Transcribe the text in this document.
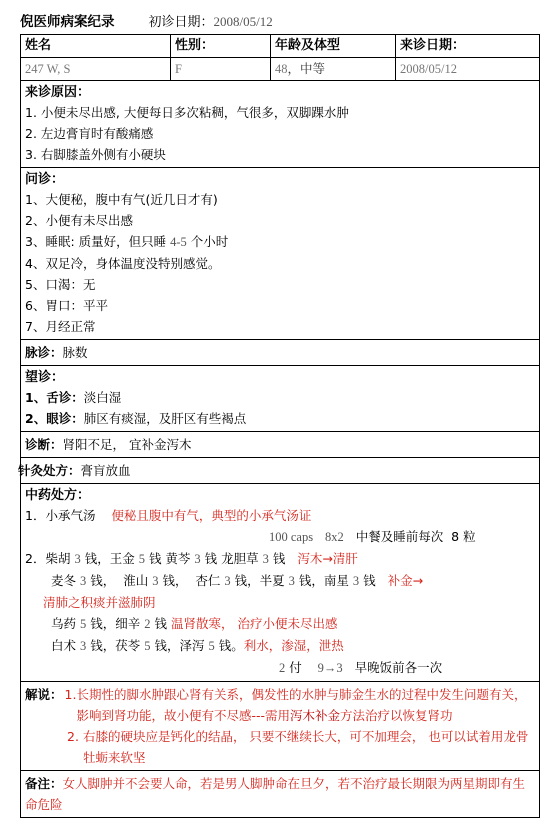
倪医师病案纪录	初诊日期：2008/05/12
姓名	性别：	年龄及体型	来诊日期：
247 W, S	F	48，中等	2008/05/12
来诊原因：
1. 小便未尽出感, 大便每日多次粘稠，气很多，双脚踝水肿
2. 左边膏肓时有酸痛感
3. 右脚膝盖外侧有小硬块
问诊：
1、大便秘，腹中有气(近几日才有)
2、小便有未尽出感
3、睡眠: 质量好，但只睡 4-5 个小时
4、双足冷，身体温度没特别感觉。
5、口渴：无
6、胃口：平平
7、月经正常
脉诊：脉数
望诊：
1、舌诊：淡白湿
2、眼诊：肺区有痰湿，及肝区有些褐点
诊断：肾阳不足， 宜补金泻木
针灸处方：膏肓放血
中药处方：
1．小承气汤 便秘且腹中有气，典型的小承气汤证
100 caps 8x2 中餐及睡前每次 8 粒
2．柴胡 3 钱，王金 5 钱 黄芩 3 钱 龙胆草 3 钱   泻木→清肝
麦冬 3 钱， 淮山 3 钱， 杏仁 3 钱，半夏 3 钱，南星 3 钱   补金→
清肺之积痰并滋肺阴
乌药 5 钱，细辛 2 钱 温肾散寒， 治疗小便未尽出感
白术 3 钱，茯苓 5 钱，泽泻 5 钱。利水，渗湿，泄热
2 付 9→3 早晚饭前各一次
解说： 1. 长期性的脚水肿跟心肾有关系，偶发性的水肿与肺金生水的过程中发生问题有关，影响到肾功能，故小便有不尽感---需用泻木补金方法治疗以恢复肾功
2. 右膝的硬块应是钙化的结晶， 只要不继续长大，可不加理会， 也可以试着用龙骨牡蛎来软坚
备注：女人脚肿并不会要人命，若是男人脚肿命在旦夕，若不治疗最长期限为两星期即有生命危险
